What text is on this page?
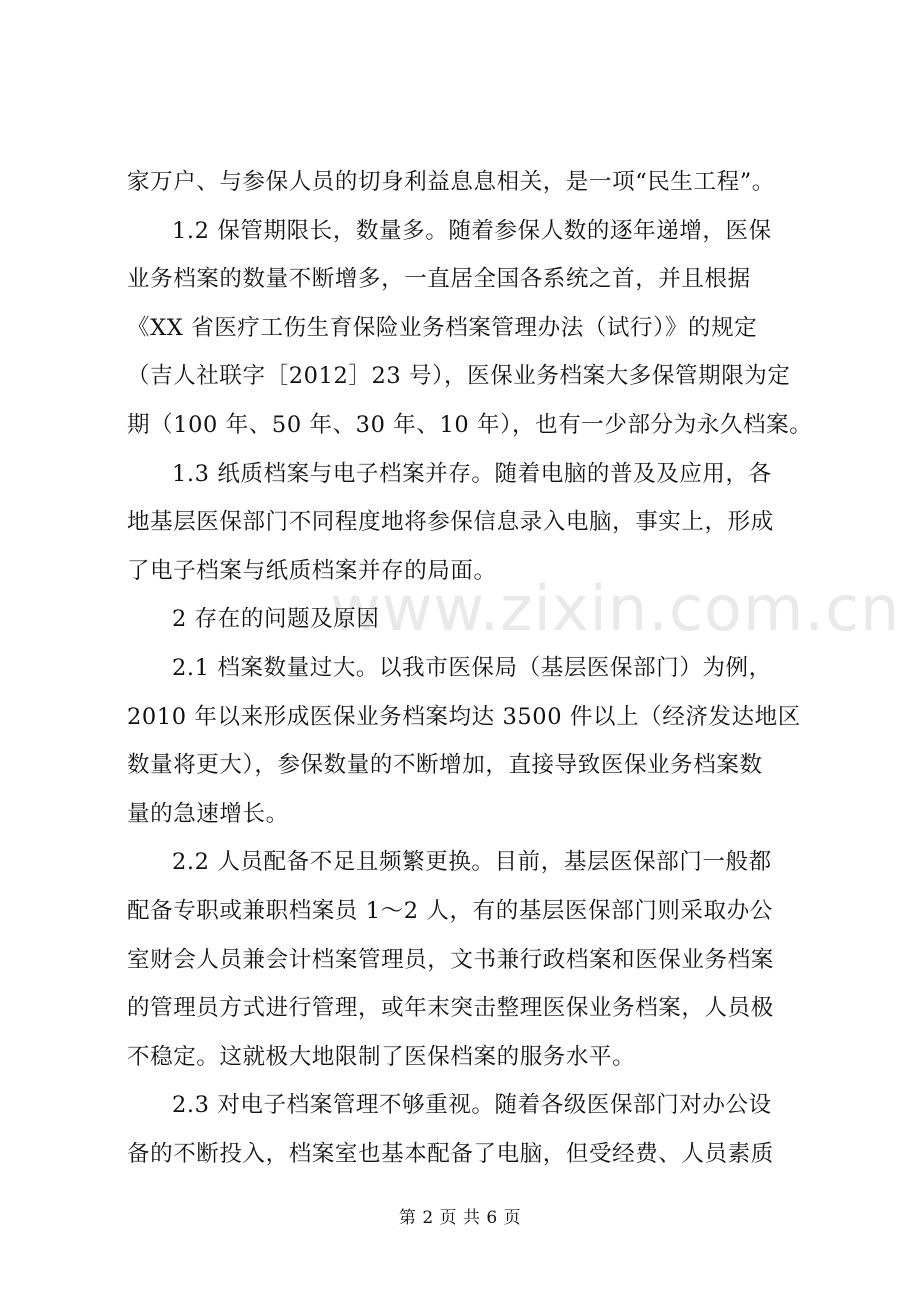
www.zixin.com.cn
家万户、与参保人员的切身利益息息相关，是一项“民生工程”。
1.2 保管期限长，数量多。随着参保人数的逐年递增，医保
业务档案的数量不断增多，一直居全国各系统之首，并且根据
《XX 省医疗工伤生育保险业务档案管理办法（试行）》的规定
（吉人社联字［2012］23 号），医保业务档案大多保管期限为定
期（100 年、50 年、30 年、10 年），也有一少部分为永久档案。
1.3 纸质档案与电子档案并存。随着电脑的普及及应用，各
地基层医保部门不同程度地将参保信息录入电脑，事实上，形成
了电子档案与纸质档案并存的局面。
2 存在的问题及原因
2.1 档案数量过大。以我市医保局（基层医保部门）为例，
2010 年以来形成医保业务档案均达 3500 件以上（经济发达地区
数量将更大），参保数量的不断增加，直接导致医保业务档案数
量的急速增长。
2.2 人员配备不足且频繁更换。目前，基层医保部门一般都
配备专职或兼职档案员 1～2 人，有的基层医保部门则采取办公
室财会人员兼会计档案管理员，文书兼行政档案和医保业务档案
的管理员方式进行管理，或年末突击整理医保业务档案，人员极
不稳定。这就极大地限制了医保档案的服务水平。
2.3 对电子档案管理不够重视。随着各级医保部门对办公设
备的不断投入，档案室也基本配备了电脑，但受经费、人员素质
第 2 页 共 6 页
